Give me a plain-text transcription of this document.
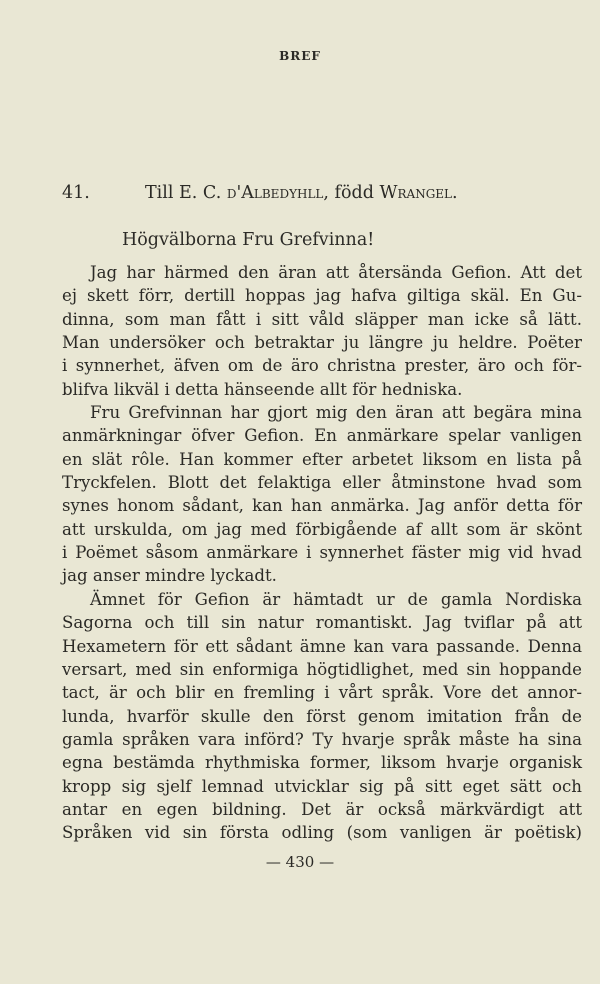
BREF
41.	Till E. C. d'Albedyhll, född Wrangel.
Högvälborna Fru Grefvinna!
Jag har härmed den äran att återsända Gefion. Att det
ej skett förr, dertill hoppas jag hafva giltiga skäl. En Gu-
dinna, som man fått i sitt våld släpper man icke så lätt.
Man undersöker och betraktar ju längre ju heldre. Poëter
i synnerhet, äfven om de äro christna prester, äro och för-
blifva likväl i detta hänseende allt för hedniska.
Fru Grefvinnan har gjort mig den äran att begära mina
anmärkningar öfver Gefion. En anmärkare spelar vanligen
en slät rôle. Han kommer efter arbetet liksom en lista på
Tryckfelen. Blott det felaktiga eller åtminstone hvad som
synes honom sådant, kan han anmärka. Jag anför detta för
att urskulda, om jag med förbigående af allt som är skönt
i Poëmet såsom anmärkare i synnerhet fäster mig vid hvad
jag anser mindre lyckadt.
Ämnet för Gefion är hämtadt ur de gamla Nordiska
Sagorna och till sin natur romantiskt. Jag tviflar på att
Hexametern för ett sådant ämne kan vara passande. Denna
versart, med sin enformiga högtidlighet, med sin hoppande
tact, är och blir en fremling i vårt språk. Vore det annor-
lunda, hvarför skulle den först genom imitation från de
gamla språken vara införd? Ty hvarje språk måste ha sina
egna bestämda rhythmiska former, liksom hvarje organisk
kropp sig sjelf lemnad utvicklar sig på sitt eget sätt och
antar en egen bildning. Det är också märkvärdigt att
Språken vid sin första odling (som vanligen är poëtisk)
— 430 —
